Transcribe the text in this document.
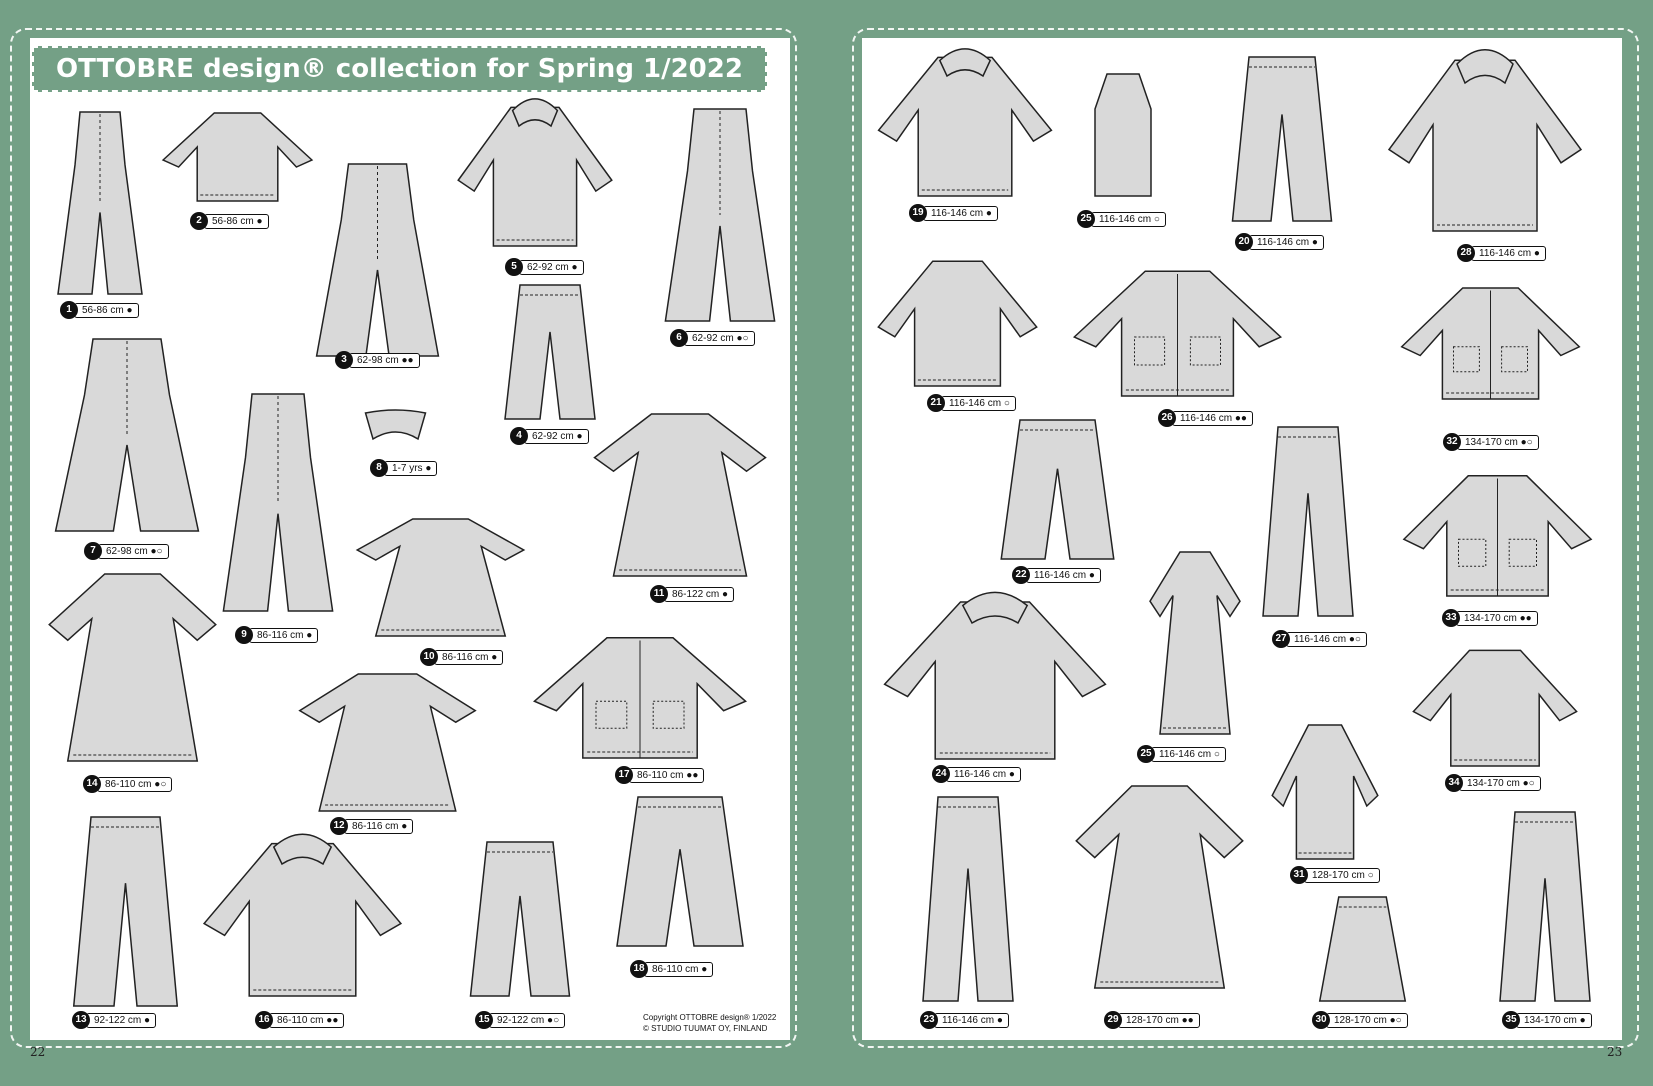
OTTOBRE design® collection for Spring 1/2022
1	56-86 cm ●
2	56-86 cm ●
3	62-98 cm ●●
4	62-92 cm ●
5	62-92 cm ●
6	62-92 cm ●○
7	62-98 cm ●○
8	1-7 yrs ●
9	86-116 cm ●
10 86-116 cm ●
11 86-122 cm ●
12 86-116 cm ●
13 92-122 cm ●
14 86-110 cm ●○
15 92-122 cm ●○
16 86-110 cm ●●
17 86-110 cm ●●
18 86-110 cm ●
19 116-146 cm ●	25 116-146 cm ○
20 116-146 cm ●
28 116-146 cm ●
21 116-146 cm ○
26 116-146 cm ●●
32 134-170 cm ●○
22 116-146 cm ●
27 116-146 cm ●○
33 134-170 cm ●●
24 116-146 cm ●
25 116-146 cm ○
34 134-170 cm ●○
23 116-146 cm ●	29 128-170 cm ●●
31 128-170 cm ○
30 128-170 cm ●○	35 134-170 cm ●
Copyright OTTOBRE design® 1/2022
© STUDIO TUUMAT OY, FINLAND
22	23
